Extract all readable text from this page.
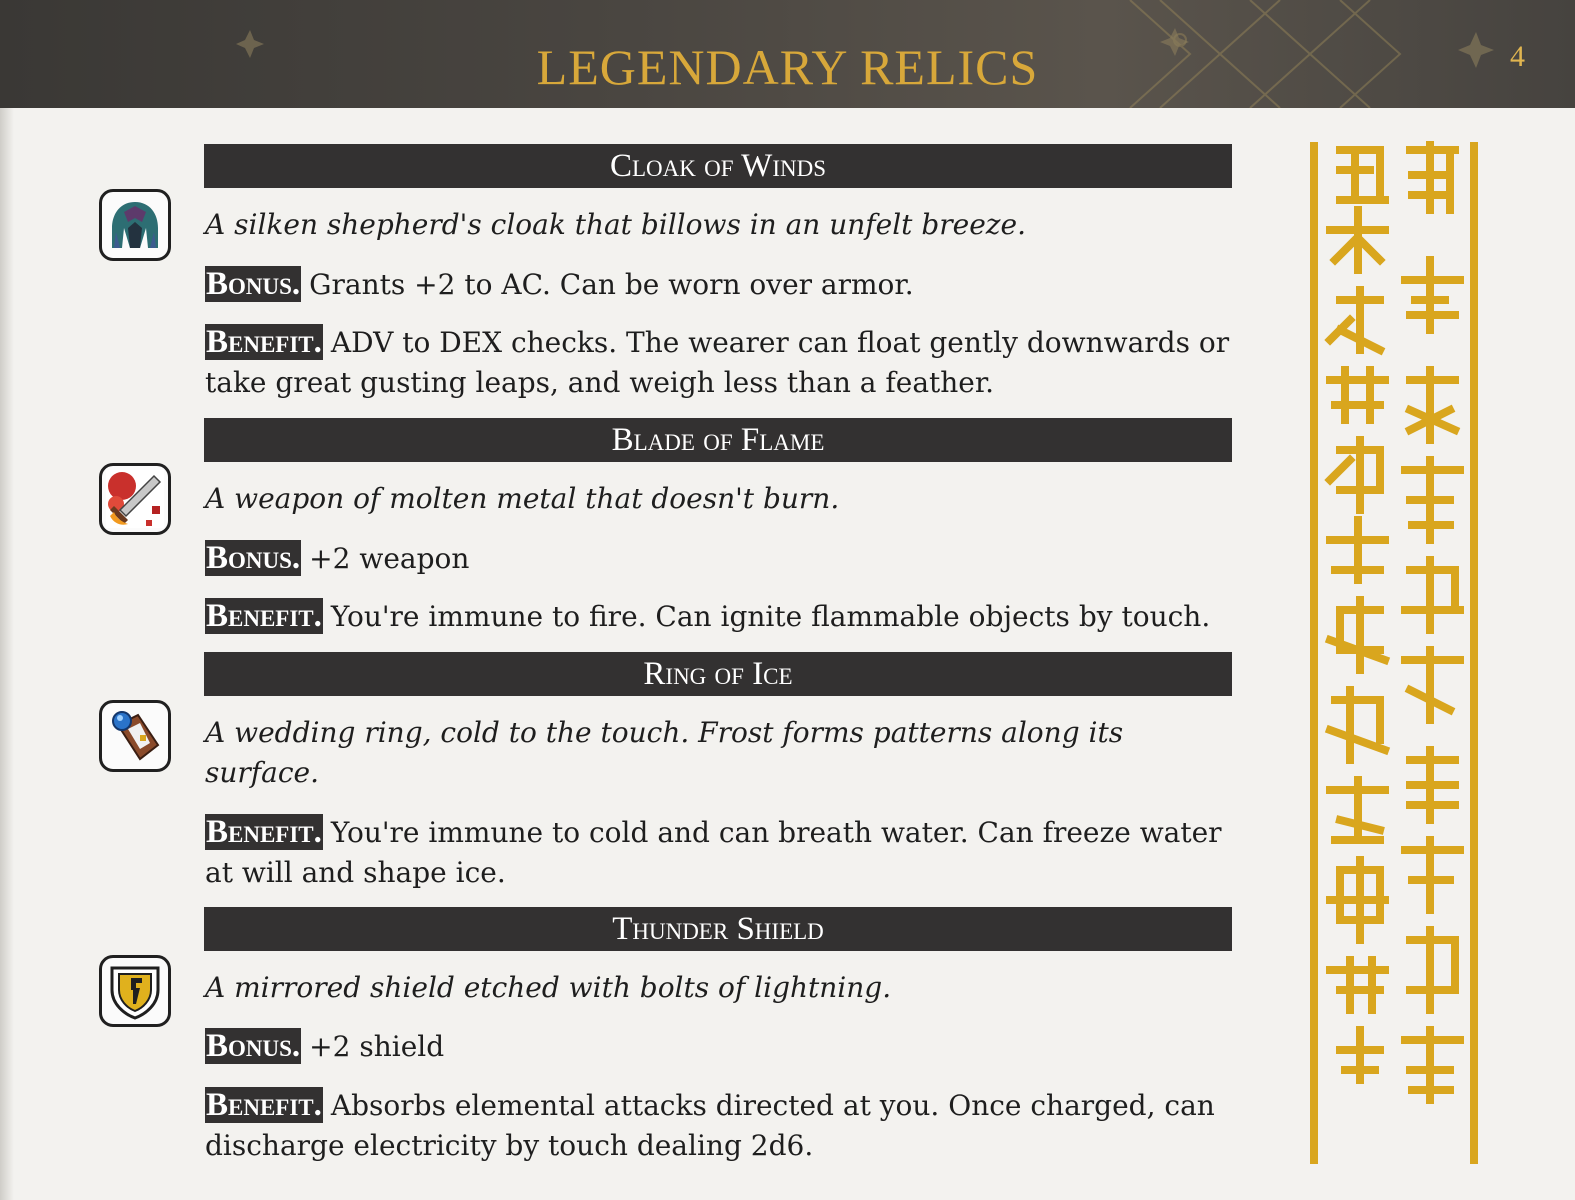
LEGENDARY RELICS	4
Cloak of Winds
A silken shepherd's cloak that billows in an unfelt breeze.
Bonus. Grants +2 to AC. Can be worn over armor.
Benefit. ADV to DEX checks. The wearer can float gently downwards or take great gusting leaps, and weigh less than a feather.
Blade of Flame
A weapon of molten metal that doesn't burn.
Bonus. +2 weapon
Benefit. You're immune to fire. Can ignite flammable objects by touch.
Ring of Ice
A wedding ring, cold to the touch. Frost forms patterns along its surface.
Benefit. You're immune to cold and can breath water. Can freeze water at will and shape ice.
Thunder Shield
A mirrored shield etched with bolts of lightning.
Bonus. +2 shield
Benefit. Absorbs elemental attacks directed at you. Once charged, can discharge electricity by touch dealing 2d6.
